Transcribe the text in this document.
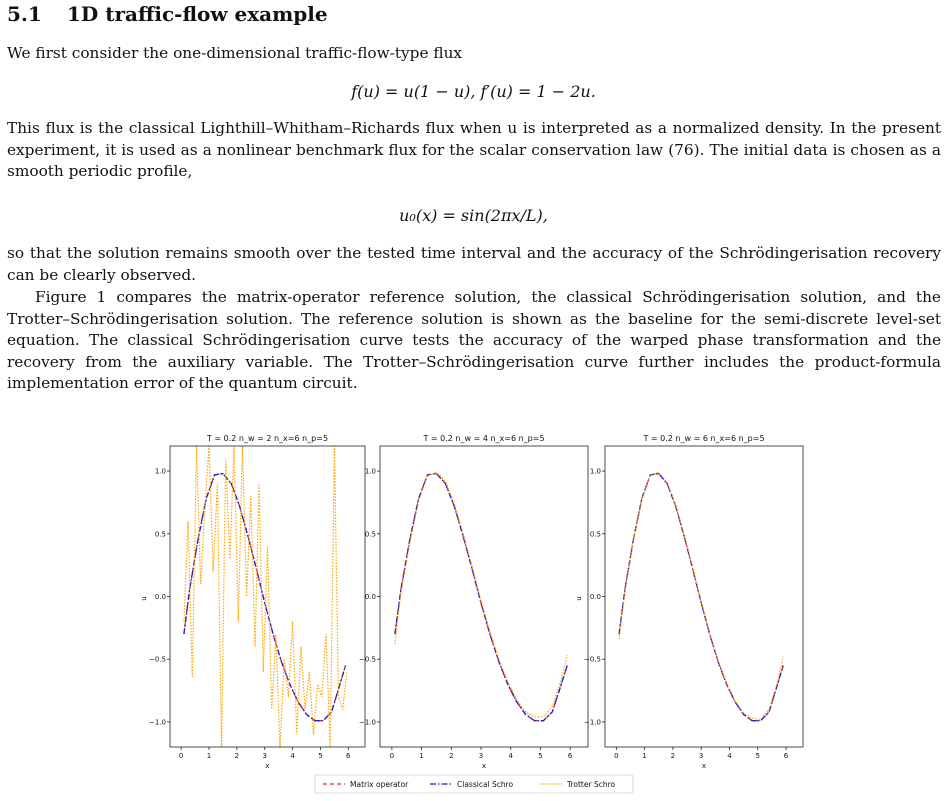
5.1 1D traffic-flow example

We first consider the one-dimensional traffic-flow-type flux

f(u) = u(1 − u), f′(u) = 1 − 2u.

This flux is the classical Lighthill–Whitham–Richards flux when u is interpreted as a normalized density. In the present experiment, it is used as a nonlinear benchmark flux for the scalar conservation law (76). The initial data is chosen as a smooth periodic profile,

u₀(x) = sin(2πx/L),

so that the solution remains smooth over the tested time interval and the accuracy of the Schrödingerisation recovery can be clearly observed.

Figure 1 compares the matrix-operator reference solution, the classical Schrödingerisation solution, and the Trotter–Schrödingerisation solution. The reference solution is shown as the baseline for the semi-discrete level-set equation. The classical Schrödingerisation curve tests the accuracy of the warped phase transformation and the recovery from the auxiliary variable. The Trotter–Schrödingerisation curve further includes the product-formula implementation error of the quantum circuit.

T = 0.2 n_w = 2 n_x=6 n_p=5
0	1	2	3	4	5	6
−1.0
−0.5
0.0
0.5
1.0
x
u
T = 0.2 n_w = 4 n_x=6 n_p=5
0	1	2	3	4	5	6
−1.0
−0.5
0.0
0.5
1.0
x
T = 0.2 n_w = 6 n_x=6 n_p=5
0	1	2	3	4	5	6
−1.0
−0.5
0.0
0.5
1.0
x
u
Matrix operator	Classical Schro	Trotter Schro
